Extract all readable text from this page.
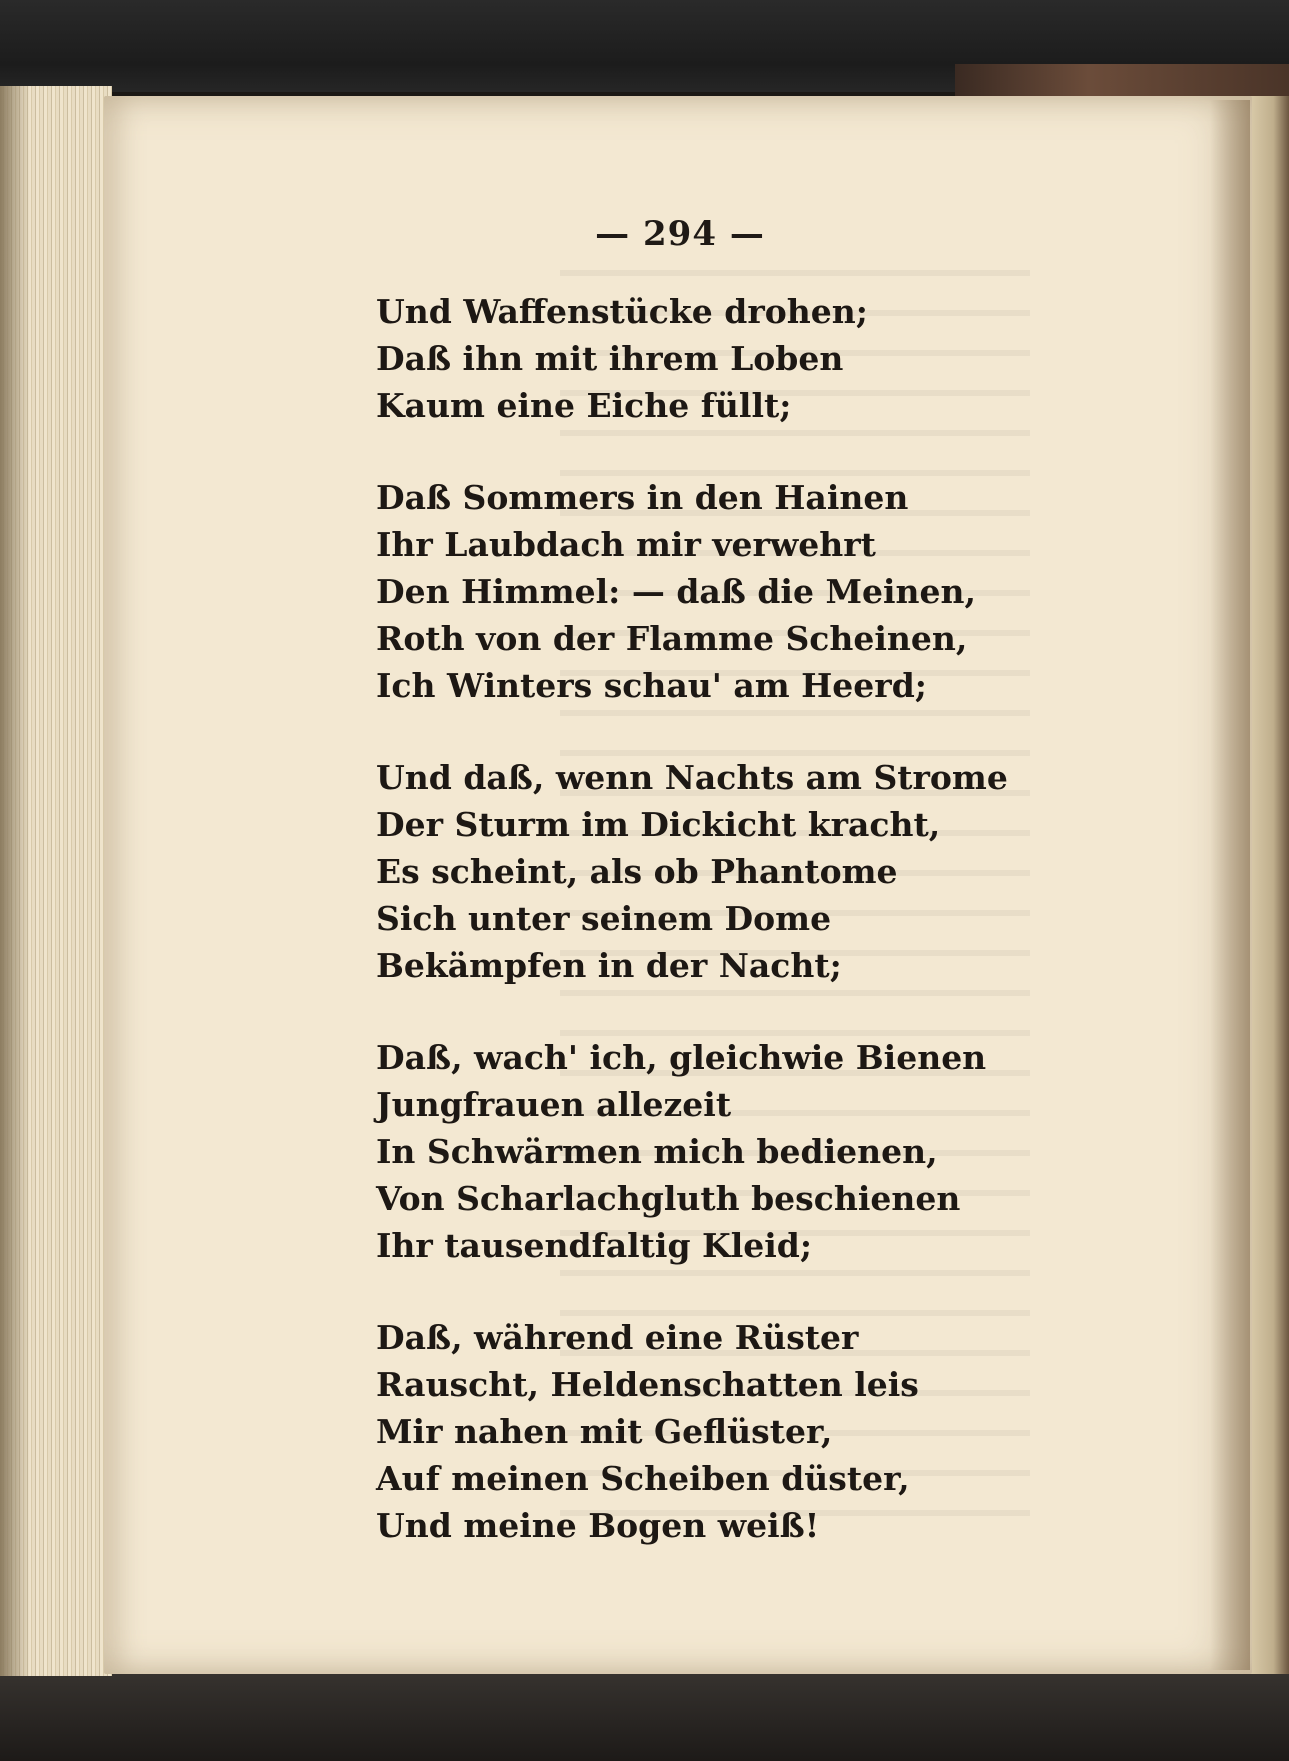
— 294 —
Und Waffenstücke drohen;
Daß ihn mit ihrem Loben
Kaum eine Eiche füllt;
Daß Sommers in den Hainen
Ihr Laubdach mir verwehrt
Den Himmel: — daß die Meinen,
Roth von der Flamme Scheinen,
Ich Winters schau' am Heerd;
Und daß, wenn Nachts am Strome
Der Sturm im Dickicht kracht,
Es scheint, als ob Phantome
Sich unter seinem Dome
Bekämpfen in der Nacht;
Daß, wach' ich, gleichwie Bienen
Jungfrauen allezeit
In Schwärmen mich bedienen,
Von Scharlachgluth beschienen
Ihr tausendfaltig Kleid;
Daß, während eine Rüster
Rauscht, Heldenschatten leis
Mir nahen mit Geflüster,
Auf meinen Scheiben düster,
Und meine Bogen weiß!
